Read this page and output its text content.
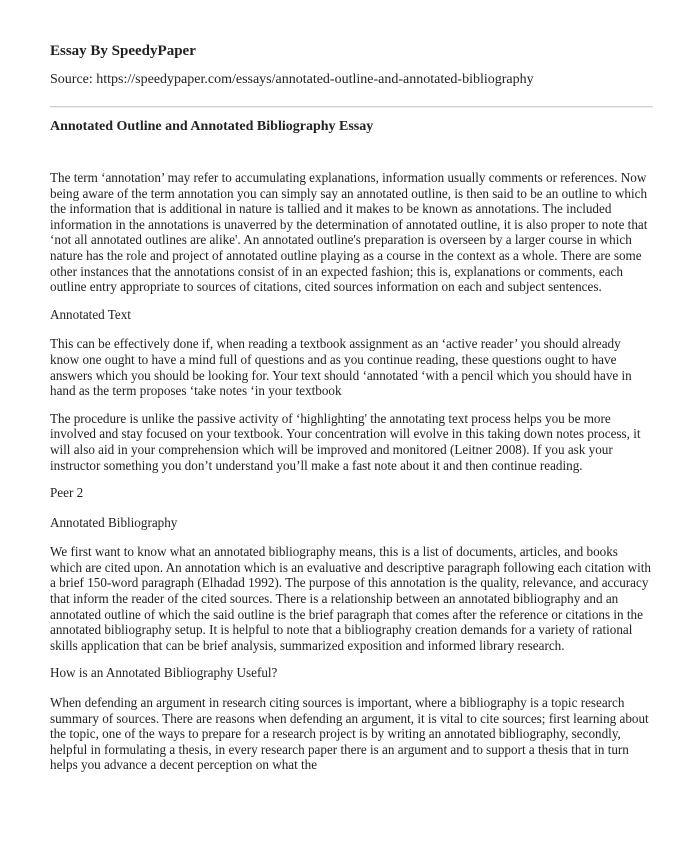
Essay By SpeedyPaper
Source: https://speedypaper.com/essays/annotated-outline-and-annotated-bibliography
Annotated Outline and Annotated Bibliography Essay

The term ‘annotation’ may refer to accumulating explanations, information usually comments or references. Now being aware of the term annotation you can simply say an annotated outline, is then said to be an outline to which the information that is additional in nature is tallied and it makes to be known as annotations. The included information in the annotations is unaverred by the determination of annotated outline, it is also proper to note that ‘not all annotated outlines are alike'. An annotated outline's preparation is overseen by a larger course in which nature has the role and project of annotated outline playing as a course in the context as a whole. There are some other instances that the annotations consist of in an expected fashion; this is, explanations or comments, each outline entry appropriate to sources of citations, cited sources information on each and subject sentences.

Annotated Text

This can be effectively done if, when reading a textbook assignment as an ‘active reader’ you should already know one ought to have a mind full of questions and as you continue reading, these questions ought to have answers which you should be looking for. Your text should ‘annotated ‘with a pencil which you should have in hand as the term proposes ‘take notes ‘in your textbook

The procedure is unlike the passive activity of ‘highlighting' the annotating text process helps you be more involved and stay focused on your textbook. Your concentration will evolve in this taking down notes process, it will also aid in your comprehension which will be improved and monitored (Leitner 2008). If you ask your instructor something you don’t understand you’ll make a fast note about it and then continue reading.

Peer 2

Annotated Bibliography

We first want to know what an annotated bibliography means, this is a list of documents, articles, and books which are cited upon. An annotation which is an evaluative and descriptive paragraph following each citation with a brief 150-word paragraph (Elhadad 1992). The purpose of this annotation is the quality, relevance, and accuracy that inform the reader of the cited sources. There is a relationship between an annotated bibliography and an annotated outline of which the said outline is the brief paragraph that comes after the reference or citations in the annotated bibliography setup. It is helpful to note that a bibliography creation demands for a variety of rational skills application that can be brief analysis, summarized exposition and informed library research.

How is an Annotated Bibliography Useful?

When defending an argument in research citing sources is important, where a bibliography is a topic research summary of sources. There are reasons when defending an argument, it is vital to cite sources; first learning about the topic, one of the ways to prepare for a research project is by writing an annotated bibliography, secondly, helpful in formulating a thesis, in every research paper there is an argument and to support a thesis that in turn helps you advance a decent perception on what the
